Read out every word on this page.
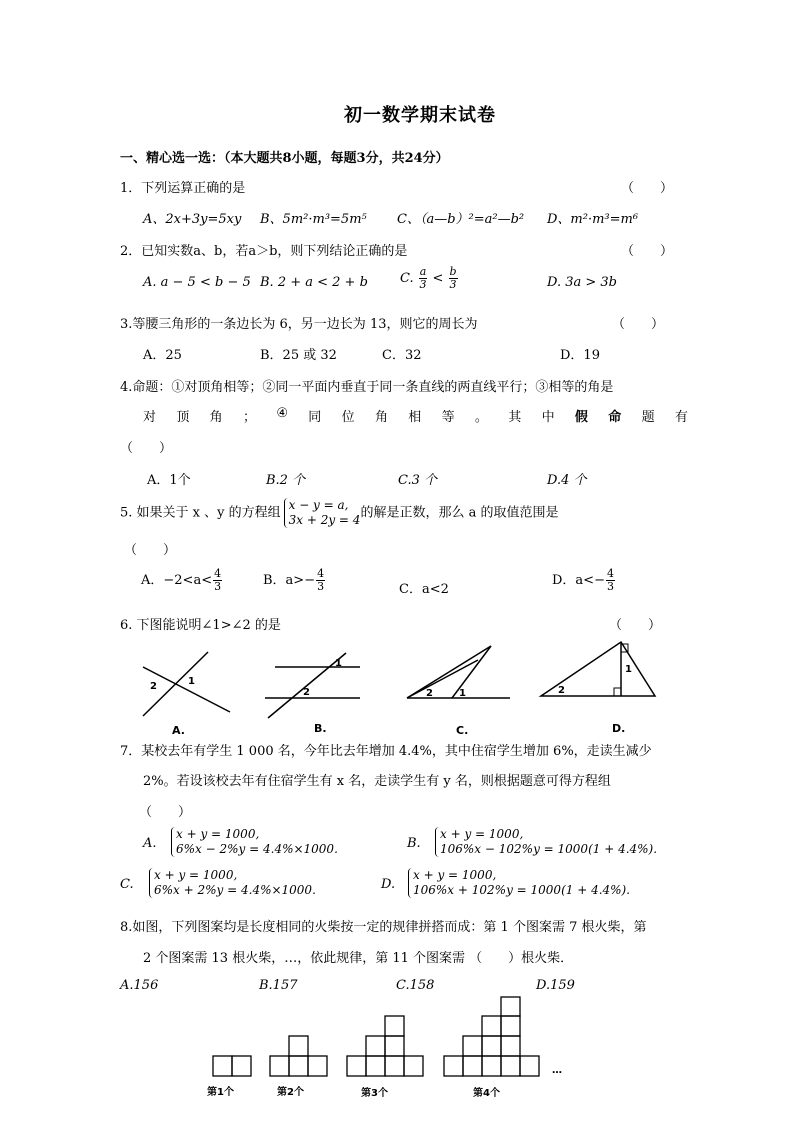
初一数学期末试卷
一、精心选一选：（本大题共8小题，每题3分，共24分）
1．下列运算正确的是	（　　）
A、2x+3y=5xy B、5m²·m³=5m⁵ C、（a—b）²=a²—b² D、m²·m³=m⁶
2．已知实数a、b，若a＞b，则下列结论正确的是	（　　）
A. a − 5 < b − 5 B. 2 + a < 2 + b C. $\frac{a}{3} < \frac{b}{3}$	D. 3a > 3b
3.等腰三角形的一条边长为 6，另一边长为 13，则它的周长为	（　　）
A．25	B．25 或 32	C．32	D．19
4.命题：①对顶角相等；②同一平面内垂直于同一条直线的两直线平行；③相等的角是
对 顶 角 ； ④ 同 位 角 相 等 。 其 中 假 命 题 有
（　　）
A．1个	B.2 个	C.3 个	D.4 个
5. 如果关于 x 、y 的方程组x − y = a,
3x + 2y = 4的解是正数，那么 a 的取值范围是
（　　）
A．$-2<a< \frac{4}{3}$	B．$a>- \frac{4}{3}$	C．a<2
D．$a<- \frac{4}{3}$
6. 下图能说明∠1>∠2 的是	（　　）
2	1
1
2	2	1	2
1
A.	B.	C.	D.
7．某校去年有学生 1 000 名，今年比去年增加 4.4%，其中住宿学生增加 6%，走读生减少
2%。若设该校去年有住宿学生有 x 名，走读学生有 y 名，则根据题意可得方程组
（　　）
A.
x + y = 1000,
6%x − 2%y = 4.4%×1000.	B.
x + y = 1000,
106%x − 102%y = 1000(1 + 4.4%).
C.
x + y = 1000,
6%x + 2%y = 4.4%×1000.	D.
x + y = 1000,
106%x + 102%y = 1000(1 + 4.4%).
8.如图，下列图案均是长度相同的火柴按一定的规律拼搭而成：第 1 个图案需 7 根火柴，第
2 个图案需 13 根火柴，…，依此规律，第 11 个图案需 （　　）根火柴．
A.156	B.157	C.158	D.159
第1个	第2个	第3个	第4个
…
